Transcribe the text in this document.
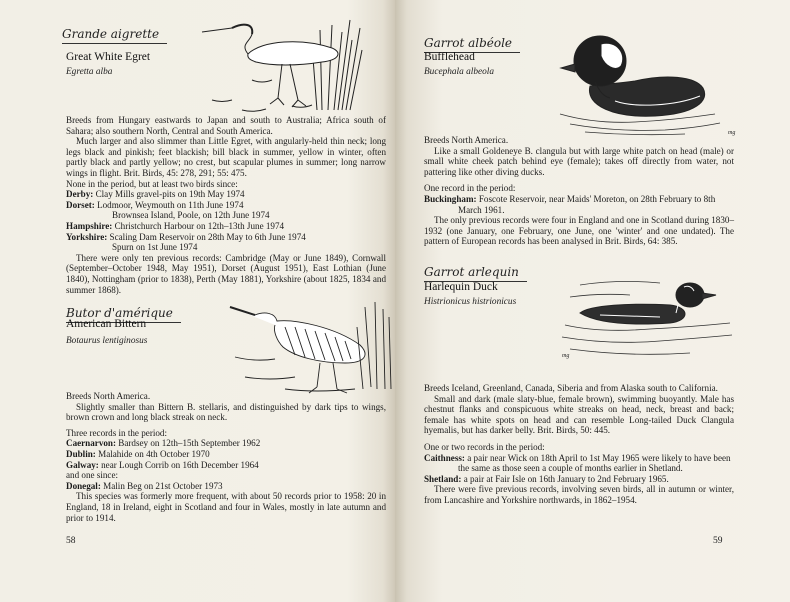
Grande aigrette
Great White Egret
Egretta alba

Breeds from Hungary eastwards to Japan and south to Australia; Africa south of Sahara; also southern North, Central and South America.

Much larger and also slimmer than Little Egret, with angularly-held thin neck; long legs black and pinkish; feet blackish; bill black in summer, yellow in winter, often partly black and partly yellow; no crest, but scapular plumes in summer; long narrow wings in flight. Brit. Birds, 45: 278, 291; 55: 475.

None in the period, but at least two birds since:

Derby: Clay Mills gravel-pits on 19th May 1974

Dorset: Lodmoor, Weymouth on 11th June 1974

Brownsea Island, Poole, on 12th June 1974

Hampshire: Christchurch Harbour on 12th–13th June 1974

Yorkshire: Scaling Dam Reservoir on 28th May to 6th June 1974

Spurn on 1st June 1974

There were only ten previous records: Cambridge (May or June 1849), Cornwall (September–October 1948, May 1951), Dorset (August 1951), East Lothian (June 1840), Nottingham (prior to 1838), Perth (May 1881), Yorkshire (about 1825, 1834 and summer 1868).

Butor d'amérique
American Bittern
Botaurus lentiginosus

Breeds North America.

Slightly smaller than Bittern B. stellaris, and distinguished by dark tips to wings, brown crown and long black streak on neck.

Three records in the period:

Caernarvon: Bardsey on 12th–15th September 1962

Dublin: Malahide on 4th October 1970

Galway: near Lough Corrib on 16th December 1964

and one since:

Donegal: Malin Beg on 21st October 1973

This species was formerly more frequent, with about 50 records prior to 1958: 20 in England, 18 in Ireland, eight in Scotland and four in Wales, mostly in late autumn and prior to 1914.

58
Garrot albéole
Bufflehead
Bucephala albeola
mg

Breeds North America.

Like a small Goldeneye B. clangula but with large white patch on head (male) or small white cheek patch behind eye (female); takes off directly from water, not pattering like other diving ducks.

One record in the period:

Buckingham: Foscote Reservoir, near Maids' Moreton, on 28th February to 8th March 1961.

The only previous records were four in England and one in Scotland during 1830–1932 (one January, one February, one June, one 'winter' and one undated). The pattern of European records has been analysed in Brit. Birds, 64: 385.

Garrot arlequin
Harlequin Duck
Histrionicus histrionicus
mg

Breeds Iceland, Greenland, Canada, Siberia and from Alaska south to California.

Small and dark (male slaty-blue, female brown), swimming buoyantly. Male has chestnut flanks and conspicuous white streaks on head, neck, breast and back; female has white spots on head and can resemble Long-tailed Duck Clangula hyemalis, but has darker belly. Brit. Birds, 50: 445.

One or two records in the period:

Caithness: a pair near Wick on 18th April to 1st May 1965 were likely to have been the same as those seen a couple of months earlier in Shetland.

Shetland: a pair at Fair Isle on 16th January to 2nd February 1965.

There were five previous records, involving seven birds, all in autumn or winter, from Lancashire and Yorkshire northwards, in 1862–1954.

59
